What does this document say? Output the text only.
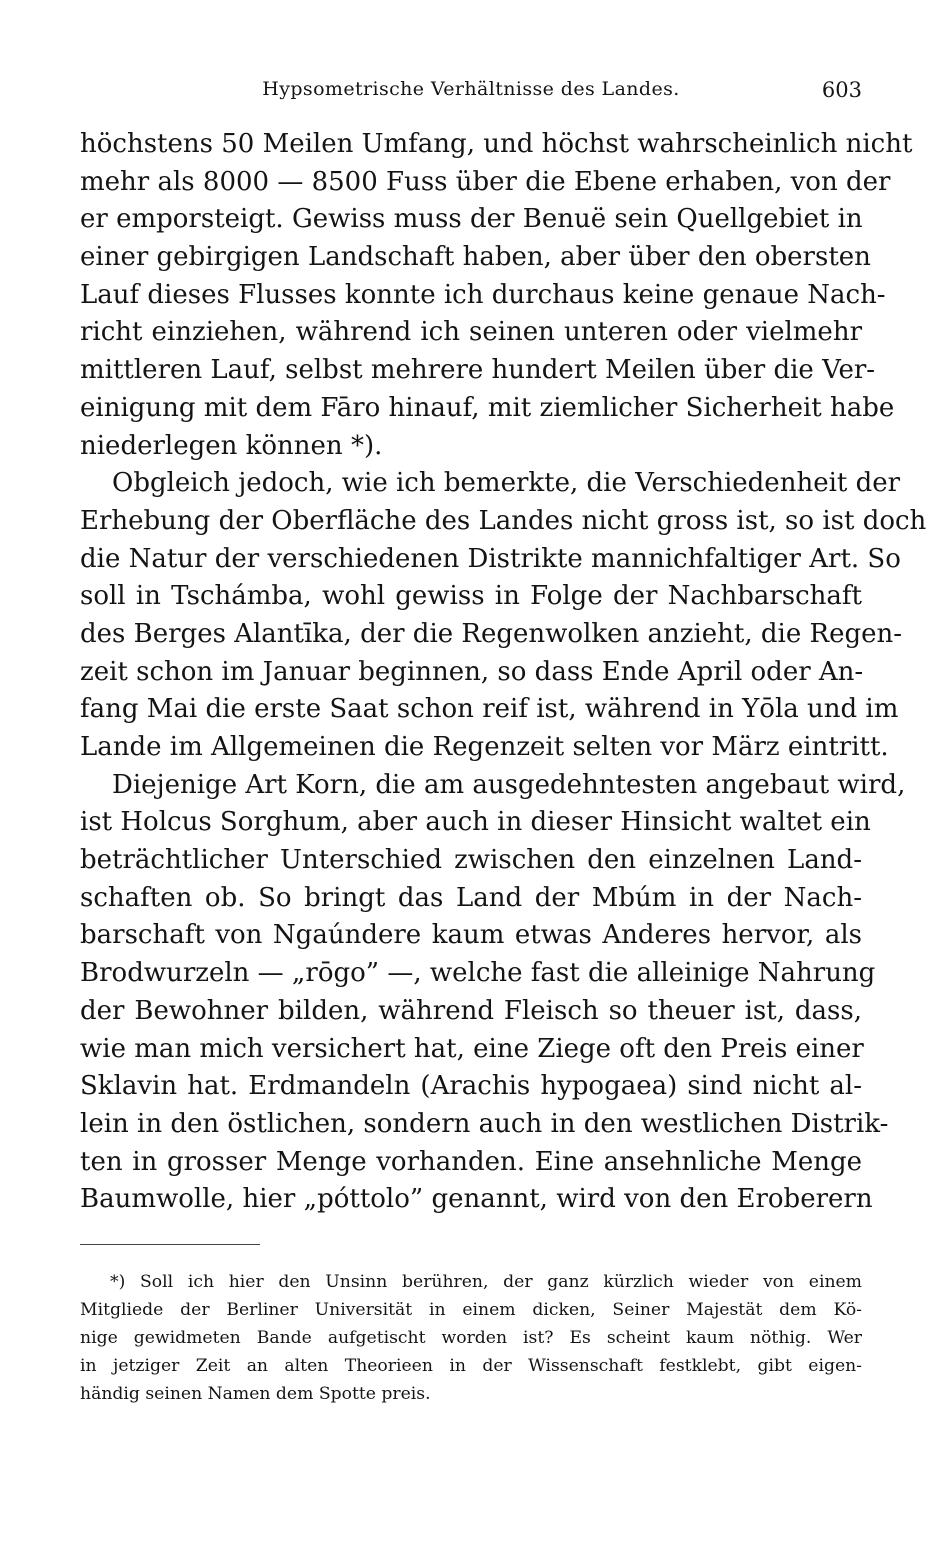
Hypsometrische Verhältnisse des Landes.	603
höchstens 50 Meilen Umfang, und höchst wahrscheinlich nicht
mehr als 8000 — 8500 Fuss über die Ebene erhaben, von der
er emporsteigt. Gewiss muss der Benuë sein Quellgebiet in
einer gebirgigen Landschaft haben, aber über den obersten
Lauf dieses Flusses konnte ich durchaus keine genaue Nach-
richt einziehen, während ich seinen unteren oder vielmehr
mittleren Lauf, selbst mehrere hundert Meilen über die Ver-
einigung mit dem Fāro hinauf, mit ziemlicher Sicherheit habe
niederlegen können *).
Obgleich jedoch, wie ich bemerkte, die Verschiedenheit der
Erhebung der Oberfläche des Landes nicht gross ist, so ist doch
die Natur der verschiedenen Distrikte mannichfaltiger Art. So
soll in Tschámba, wohl gewiss in Folge der Nachbarschaft
des Berges Alantīka, der die Regenwolken anzieht, die Regen-
zeit schon im Januar beginnen, so dass Ende April oder An-
fang Mai die erste Saat schon reif ist, während in Yōla und im
Lande im Allgemeinen die Regenzeit selten vor März eintritt.
Diejenige Art Korn, die am ausgedehntesten angebaut wird,
ist Holcus Sorghum, aber auch in dieser Hinsicht waltet ein
beträchtlicher Unterschied zwischen den einzelnen Land-
schaften ob. So bringt das Land der Mbúm in der Nach-
barschaft von Ngaúndere kaum etwas Anderes hervor, als
Brodwurzeln — „rōgo” —, welche fast die alleinige Nahrung
der Bewohner bilden, während Fleisch so theuer ist, dass,
wie man mich versichert hat, eine Ziege oft den Preis einer
Sklavin hat. Erdmandeln (Arachis hypogaea) sind nicht al-
lein in den östlichen, sondern auch in den westlichen Distrik-
ten in grosser Menge vorhanden. Eine ansehnliche Menge
Baumwolle, hier „póttolo” genannt, wird von den Eroberern
*) Soll ich hier den Unsinn berühren, der ganz kürzlich wieder von einem
Mitgliede der Berliner Universität in einem dicken, Seiner Majestät dem Kö-
nige gewidmeten Bande aufgetischt worden ist? Es scheint kaum nöthig. Wer
in jetziger Zeit an alten Theorieen in der Wissenschaft festklebt, gibt eigen-
händig seinen Namen dem Spotte preis.
